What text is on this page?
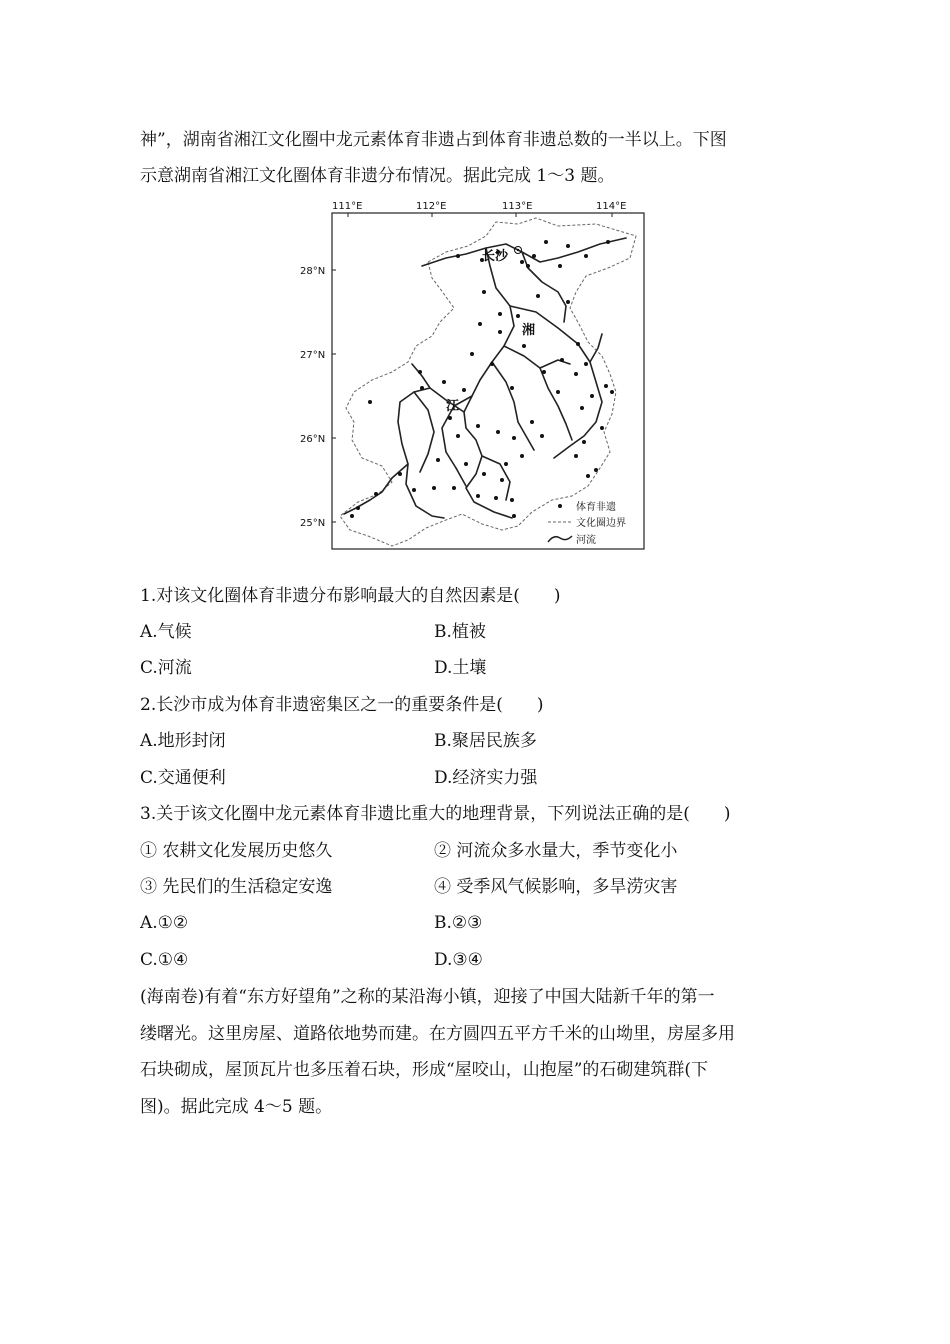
神”，湖南省湘江文化圈中龙元素体育非遗占到体育非遗总数的一半以上。下图
示意湖南省湘江文化圈体育非遗分布情况。据此完成 1～3 题。
111°E	112°E	113°E	114°E
28°N
27°N
26°N
25°N
长沙
湘
江
体育非遗
文化圈边界
河流
1.对该文化圈体育非遗分布影响最大的自然因素是(　　)
A.气候	B.植被
C.河流	D.土壤
2.长沙市成为体育非遗密集区之一的重要条件是(　　)
A.地形封闭	B.聚居民族多
C.交通便利	D.经济实力强
3.关于该文化圈中龙元素体育非遗比重大的地理背景，下列说法正确的是(　　)
① 农耕文化发展历史悠久	② 河流众多水量大，季节变化小
③ 先民们的生活稳定安逸	④ 受季风气候影响，多旱涝灾害
A.①②	B.②③
C.①④	D.③④
(海南卷)有着“东方好望角”之称的某沿海小镇，迎接了中国大陆新千年的第一
缕曙光。这里房屋、道路依地势而建。在方圆四五平方千米的山坳里，房屋多用
石块砌成，屋顶瓦片也多压着石块，形成“屋咬山，山抱屋”的石砌建筑群(下
图)。据此完成 4～5 题。
